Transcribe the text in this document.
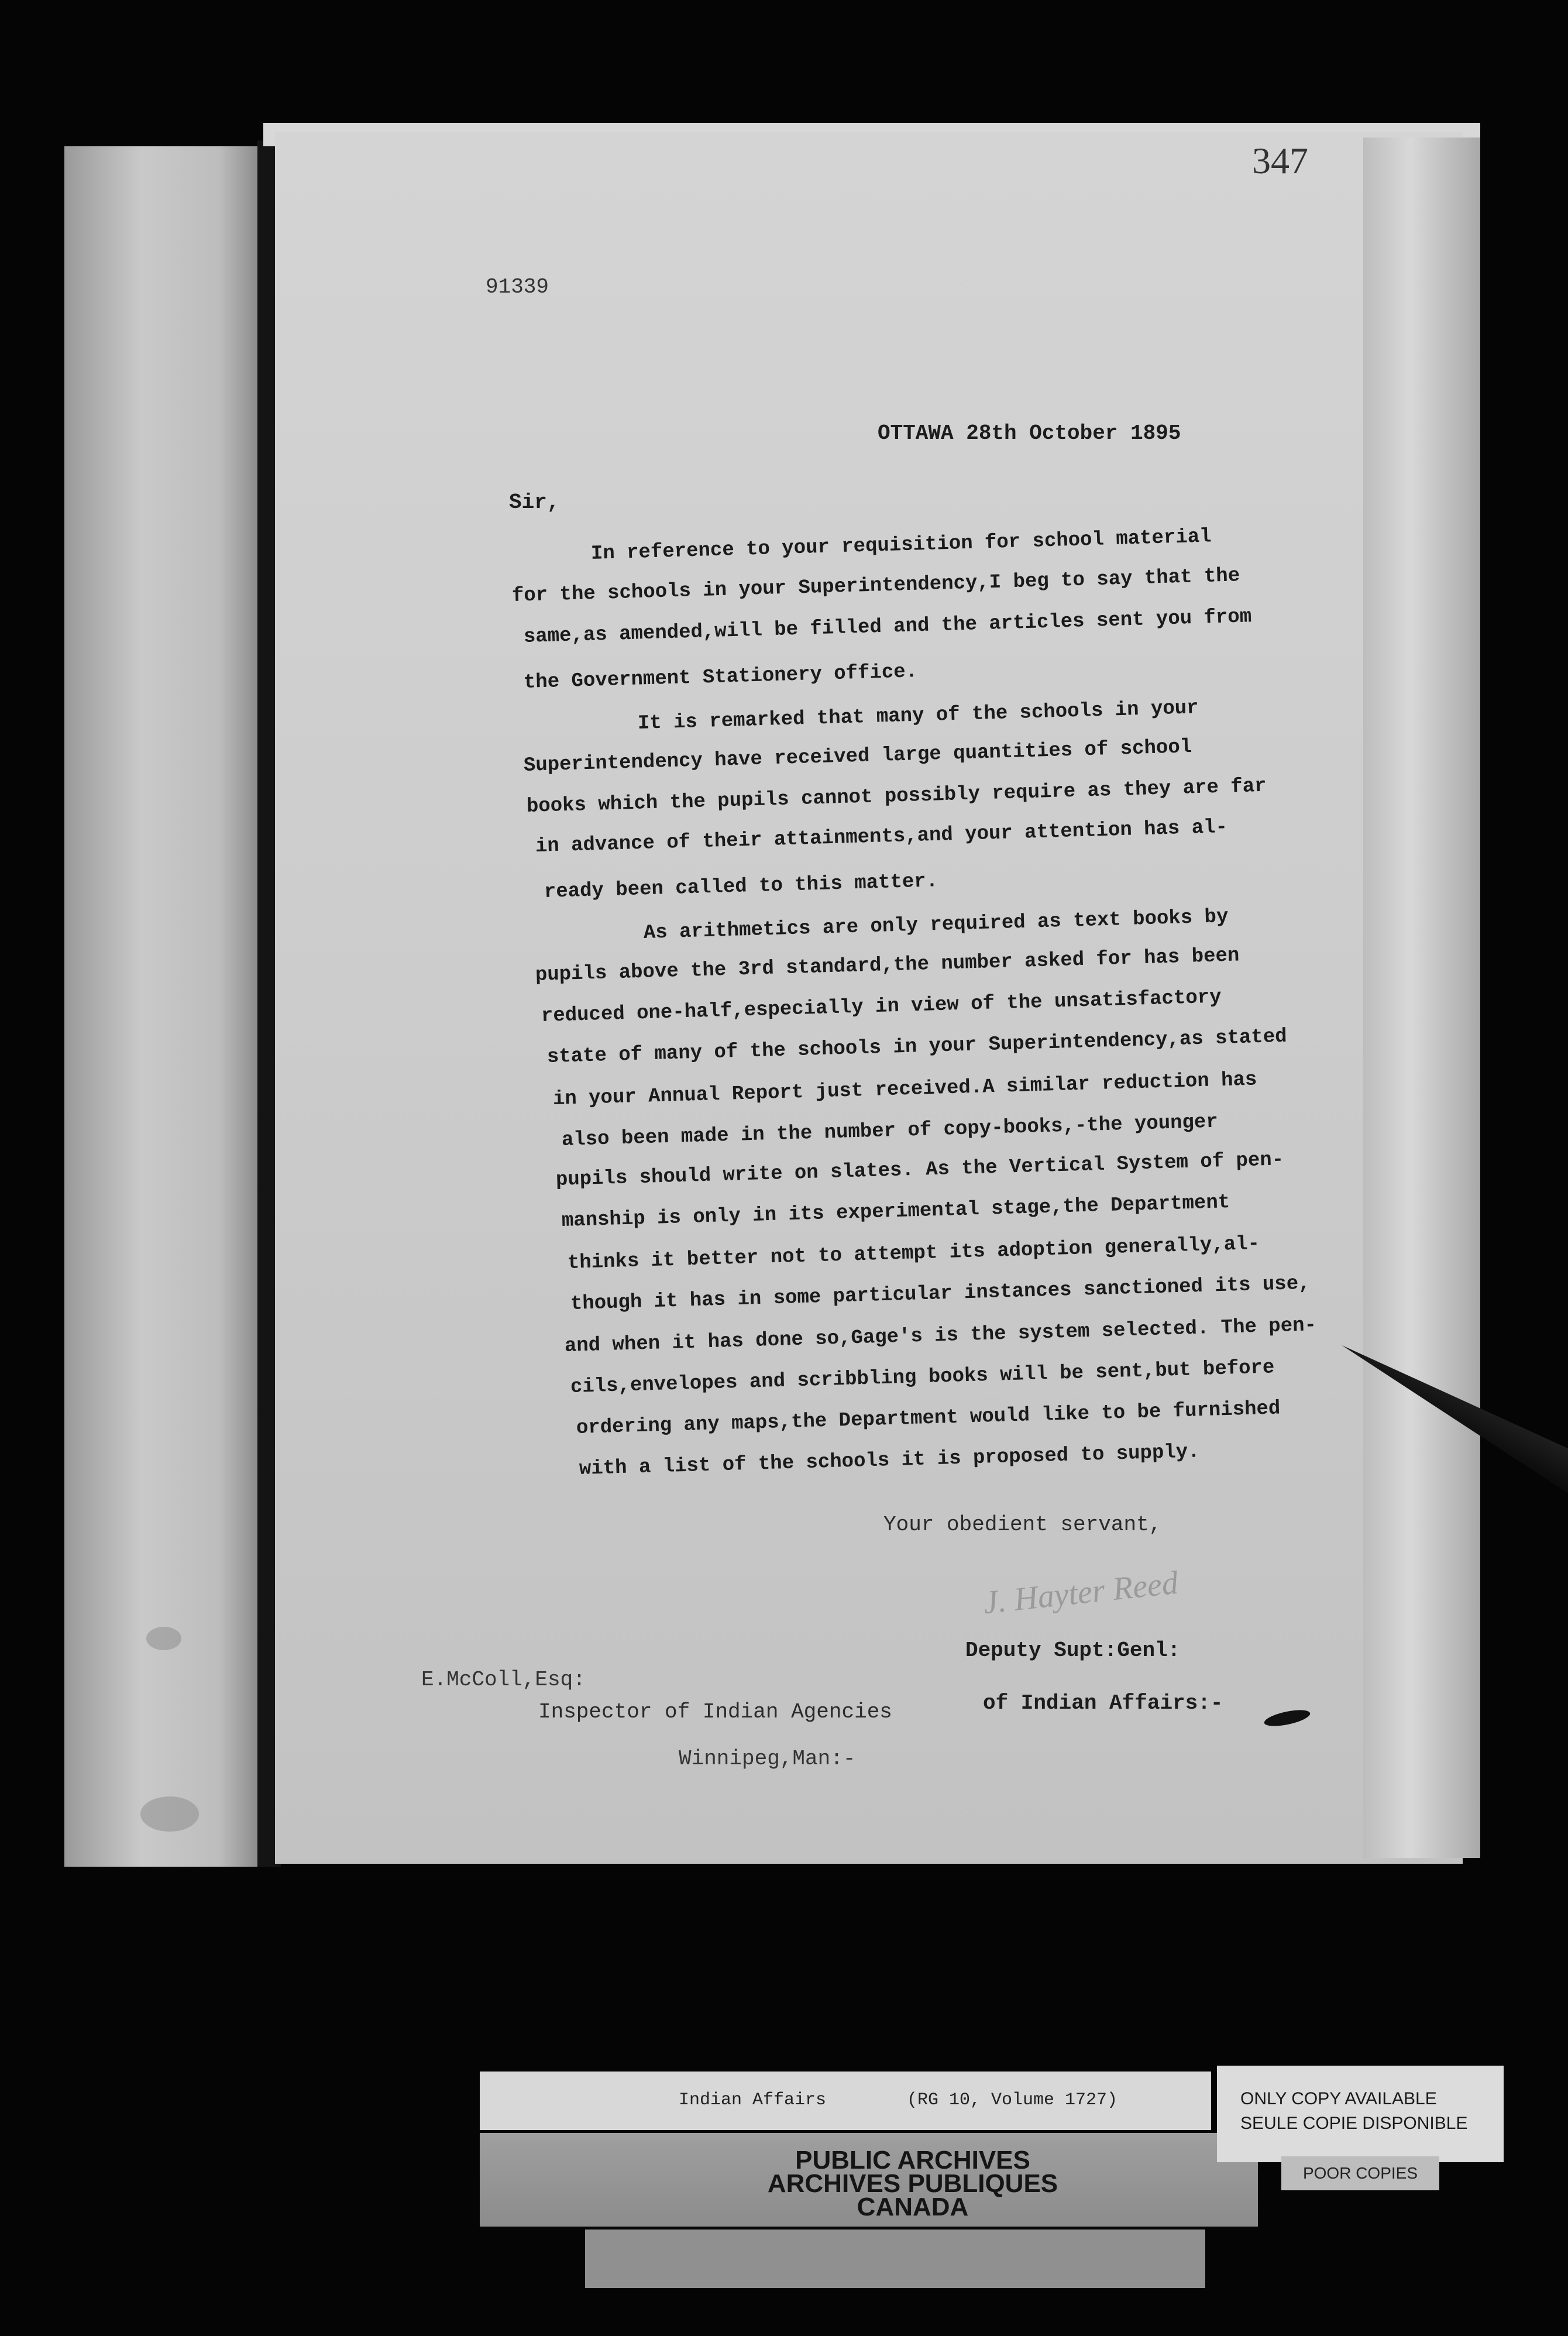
347
91339
OTTAWA 28th October 1895
Sir,
In reference to your requisition for school material
for the schools in your Superintendency,I beg to say that the
same,as amended,will be filled and the articles sent you from
the Government Stationery office.
It is remarked that many of the schools in your
Superintendency have received large quantities of school
books which the pupils cannot possibly require as they are far
in advance of their attainments,and your attention has al-
ready been called to this matter.
As arithmetics are only required as text books by
pupils above the 3rd standard,the number asked for has been
reduced one-half,especially in view of the unsatisfactory
state of many of the schools in your Superintendency,as stated
in your Annual Report just received.A similar reduction has
also been made in the number of copy-books,-the younger
pupils should write on slates. As the Vertical System of pen-
manship is only in its experimental stage,the Department
thinks it better not to attempt its adoption generally,al-
though it has in some particular instances sanctioned its use,
and when it has done so,Gage's is the system selected. The pen-
cils,envelopes and scribbling books will be sent,but before
ordering any maps,the Department would like to be furnished
with a list of the schools it is proposed to supply.
Your obedient servant,
J. Hayter Reed
Deputy Supt:Genl:
of Indian Affairs:-
E.McColl,Esq:
Inspector of Indian Agencies
Winnipeg,Man:-
Indian Affairs	(RG 10, Volume 1727)
PUBLIC ARCHIVES
ARCHIVES PUBLIQUES
CANADA
ONLY COPY AVAILABLE
SEULE COPIE DISPONIBLE
POOR COPIES
